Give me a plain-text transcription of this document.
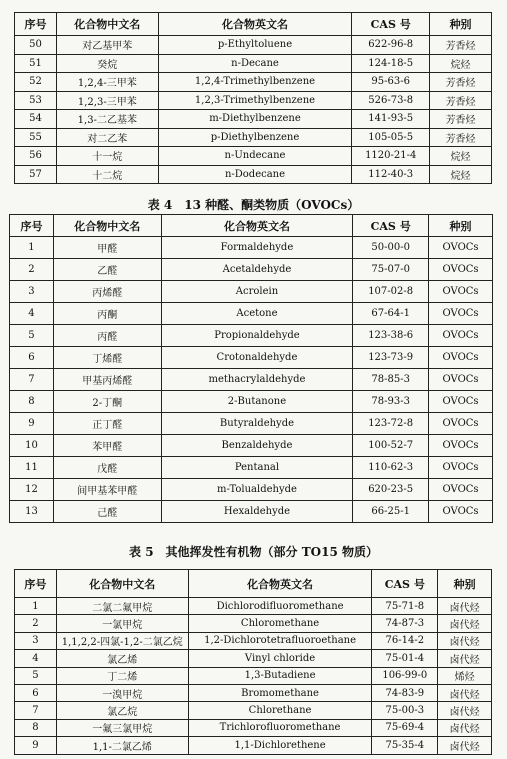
序号	化合物中文名	化合物英文名	CAS 号	种别
50	对乙基甲苯	p-Ethyltoluene	622-96-8	芳香烃
51	癸烷	n-Decane	124-18-5	烷烃
52	1,2,4-三甲苯	1,2,4-Trimethylbenzene	95-63-6	芳香烃
53	1,2,3-三甲苯	1,2,3-Trimethylbenzene	526-73-8	芳香烃
54	1,3-二乙基苯	m-Diethylbenzene	141-93-5	芳香烃
55	对二乙苯	p-Diethylbenzene	105-05-5	芳香烃
56	十一烷	n-Undecane	1120-21-4	烷烃
57	十二烷	n-Dodecane	112-40-3	烷烃
表 4　13 种醛、酮类物质（OVOCs）
序号	化合物中文名	化合物英文名	CAS 号	种别
1	甲醛	Formaldehyde	50-00-0	OVOCs
2	乙醛	Acetaldehyde	75-07-0	OVOCs
3	丙烯醛	Acrolein	107-02-8	OVOCs
4	丙酮	Acetone	67-64-1	OVOCs
5	丙醛	Propionaldehyde	123-38-6	OVOCs
6	丁烯醛	Crotonaldehyde	123-73-9	OVOCs
7	甲基丙烯醛	methacrylaldehyde	78-85-3	OVOCs
8	2-丁酮	2-Butanone	78-93-3	OVOCs
9	正丁醛	Butyraldehyde	123-72-8	OVOCs
10	苯甲醛	Benzaldehyde	100-52-7	OVOCs
11	戊醛	Pentanal	110-62-3	OVOCs
12	间甲基苯甲醛	m-Tolualdehyde	620-23-5	OVOCs
13	己醛	Hexaldehyde	66-25-1	OVOCs
表 5　其他挥发性有机物（部分 TO15 物质）
序号	化合物中文名	化合物英文名	CAS 号	种别
1	二氯二氟甲烷	Dichlorodifluoromethane	75-71-8	卤代烃
2	一氯甲烷	Chloromethane	74-87-3	卤代烃
3	1,1,2,2-四氯-1,2-二氯乙烷	1,2-Dichlorotetrafluoroethane	76-14-2	卤代烃
4	氯乙烯	Vinyl chloride	75-01-4	卤代烃
5	丁二烯	1,3-Butadiene	106-99-0	烯烃
6	一溴甲烷	Bromomethane	74-83-9	卤代烃
7	氯乙烷	Chlorethane	75-00-3	卤代烃
8	一氟三氯甲烷	Trichlorofluoromethane	75-69-4	卤代烃
9	1,1-二氯乙烯	1,1-Dichlorethene	75-35-4	卤代烃
